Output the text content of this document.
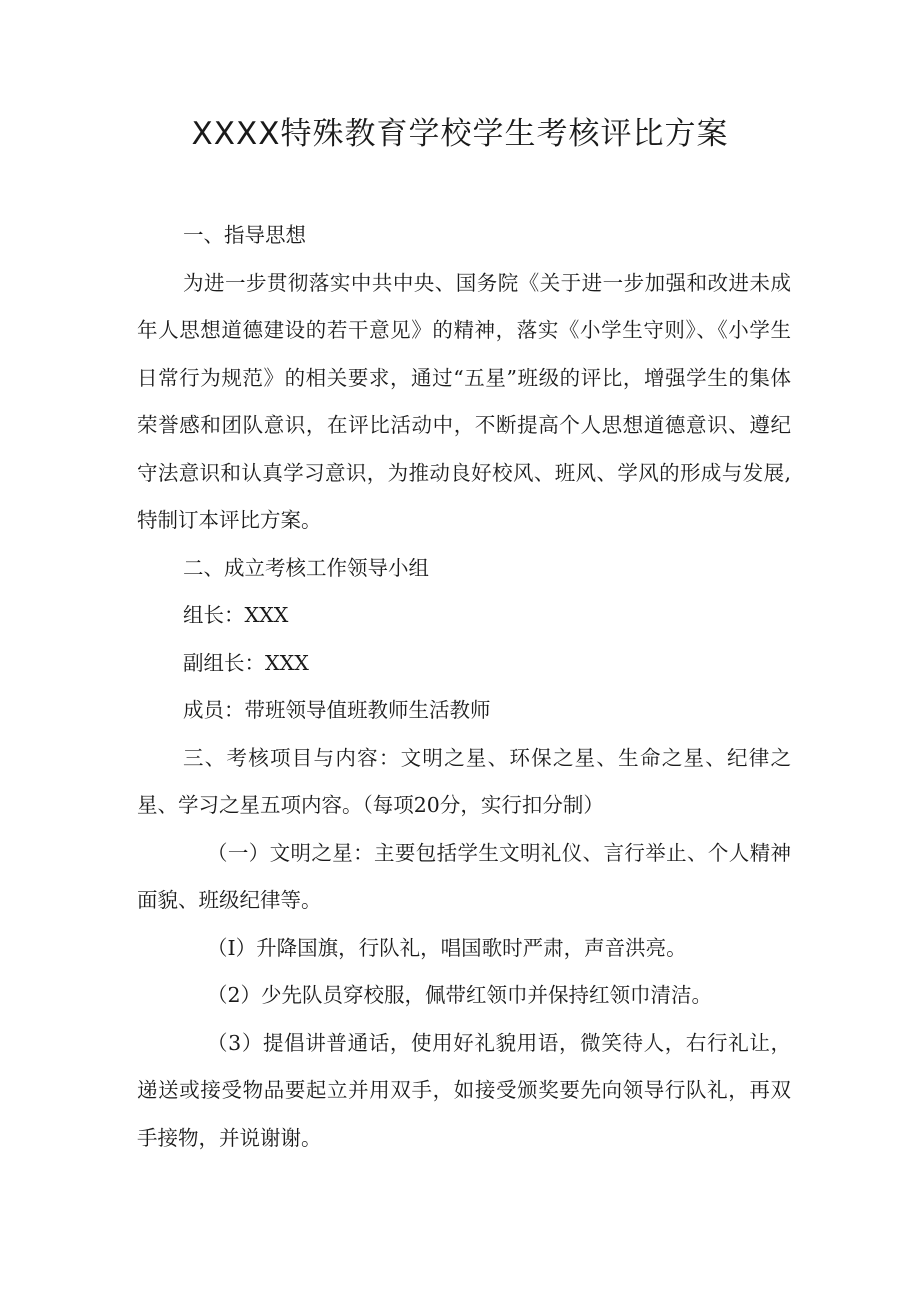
XXXX特殊教育学校学生考核评比方案

一、指导思想

为进一步贯彻落实中共中央、国务院《关于进一步加强和改进未成年人思想道德建设的若干意见》的精神，落实《小学生守则》、《小学生日常行为规范》的相关要求，通过“五星”班级的评比，增强学生的集体荣誉感和团队意识，在评比活动中，不断提高个人思想道德意识、遵纪守法意识和认真学习意识，为推动良好校风、班风、学风的形成与发展,特制订本评比方案。

二、成立考核工作领导小组

组长：XXX

副组长：XXX

成员：带班领导值班教师生活教师

三、考核项目与内容：文明之星、环保之星、生命之星、纪律之星、学习之星五项内容。（每项20分，实行扣分制）

（一）文明之星：主要包括学生文明礼仪、言行举止、个人精神面貌、班级纪律等。

（I）升降国旗，行队礼，唱国歌时严肃，声音洪亮。

（2）少先队员穿校服，佩带红领巾并保持红领巾清洁。

（3）提倡讲普通话，使用好礼貌用语，微笑待人，右行礼让，递送或接受物品要起立并用双手，如接受颁奖要先向领导行队礼，再双手接物，并说谢谢。
